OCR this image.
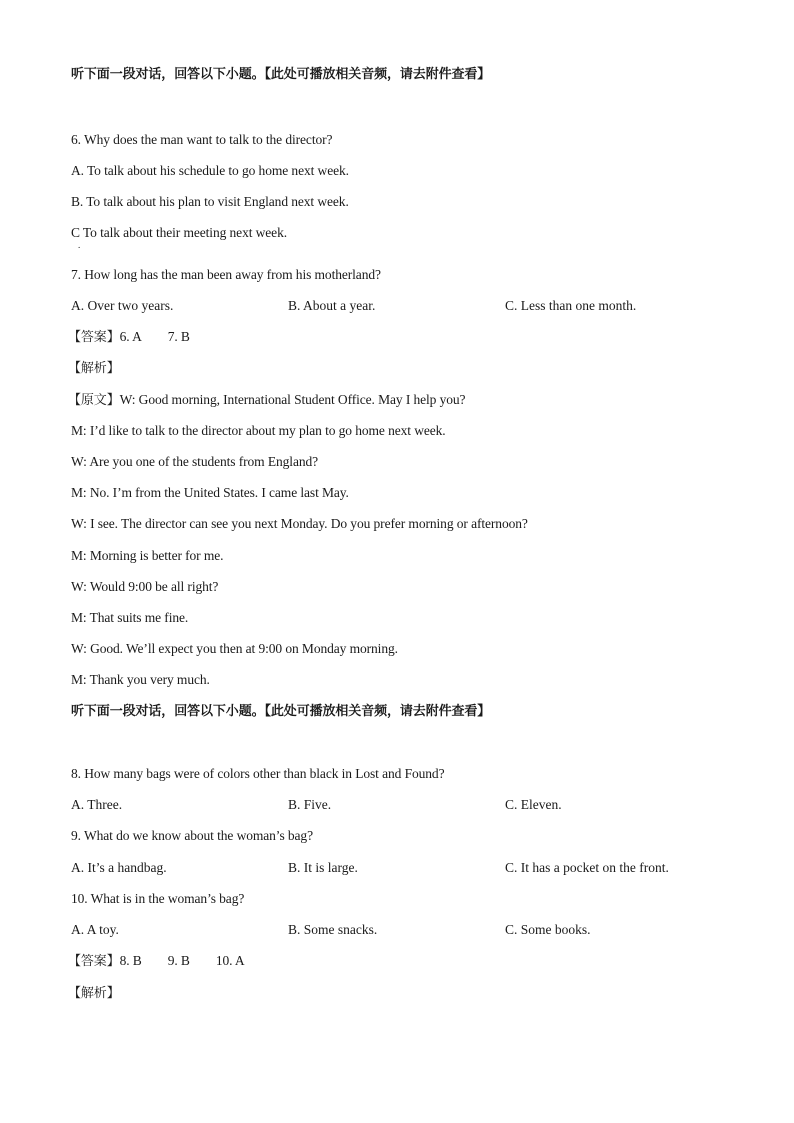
听下面一段对话，回答以下小题。【此处可播放相关音频，请去附件查看】
6. Why does the man want to talk to the director?
A. To talk about his schedule to go home next week.
B. To talk about his plan to visit England next week.
C To talk about their meeting next week.
.
7. How long has the man been away from his motherland?
A. Over two years.	B. About a year.	C. Less than one month.
【答案】6. A 7. B
【解析】
【原文】W: Good morning, International Student Office. May I help you?
M: I’d like to talk to the director about my plan to go home next week.
W: Are you one of the students from England?
M: No. I’m from the United States. I came last May.
W: I see. The director can see you next Monday. Do you prefer morning or afternoon?
M: Morning is better for me.
W: Would 9:00 be all right?
M: That suits me fine.
W: Good. We’ll expect you then at 9:00 on Monday morning.
M: Thank you very much.
听下面一段对话，回答以下小题。【此处可播放相关音频，请去附件查看】
8. How many bags were of colors other than black in Lost and Found?
A. Three.	B. Five.	C. Eleven.
9. What do we know about the woman’s bag?
A. It’s a handbag.	B. It is large.	C. It has a pocket on the front.
10. What is in the woman’s bag?
A. A toy.	B. Some snacks.	C. Some books.
【答案】8. B 9. B 10. A
【解析】
